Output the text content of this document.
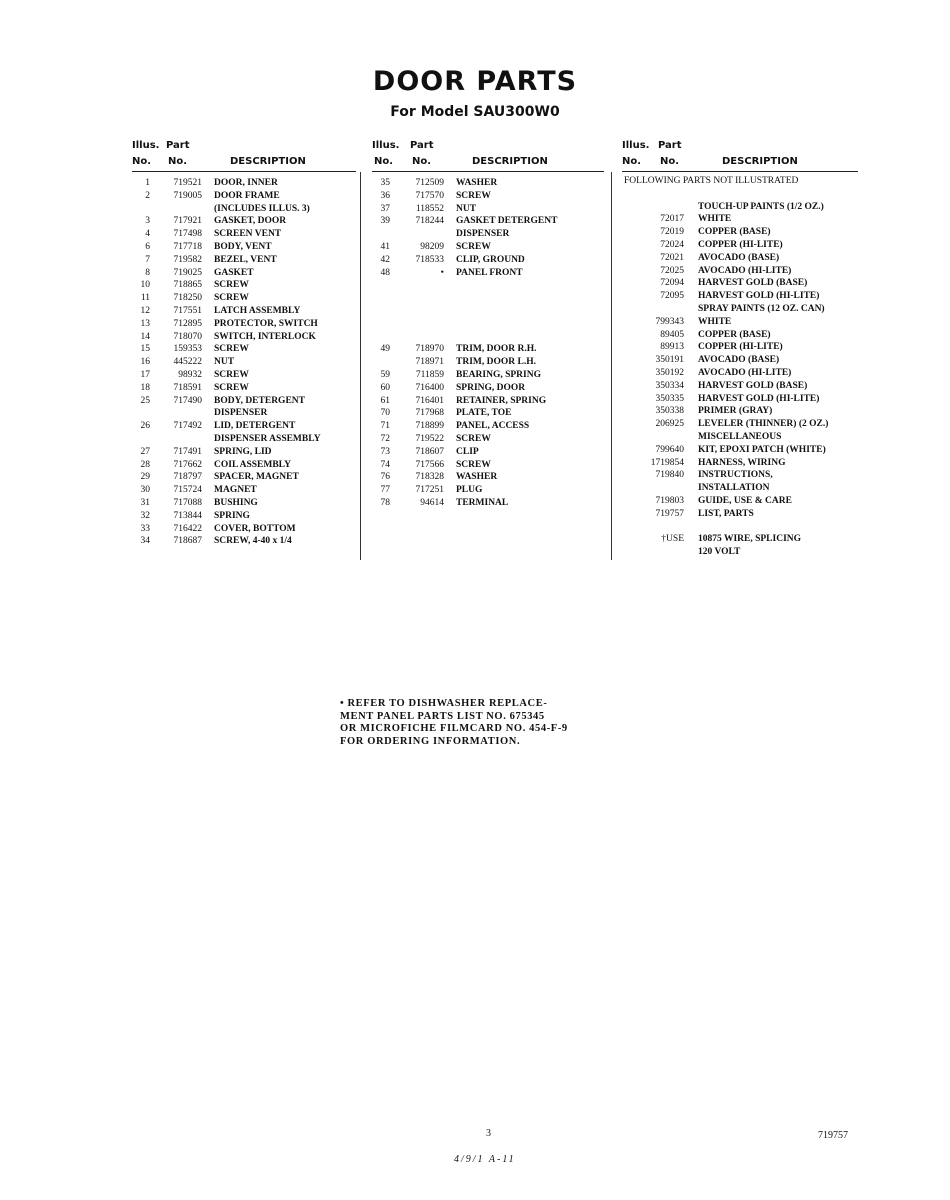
DOOR PARTS
For Model SAU300W0
Illus. Part
No. No.	DESCRIPTION
1	719521 DOOR, INNER
2	719005 DOOR FRAME
(INCLUDES ILLUS. 3)
3	717921 GASKET, DOOR
4	717498 SCREEN VENT
6	717718 BODY, VENT
7	719582 BEZEL, VENT
8	719025 GASKET
10	718865 SCREW
11	718250 SCREW
12	717551 LATCH ASSEMBLY
13	712895 PROTECTOR, SWITCH
14	718070 SWITCH, INTERLOCK
15	159353 SCREW
16	445222 NUT
17	98932 SCREW
18	718591 SCREW
25	717490 BODY, DETERGENT
DISPENSER
26	717492 LID, DETERGENT
DISPENSER ASSEMBLY
27	717491 SPRING, LID
28	717662 COIL ASSEMBLY
29	718797 SPACER, MAGNET
30	715724 MAGNET
31	717088 BUSHING
32	713844 SPRING
33	716422 COVER, BOTTOM
34	718687 SCREW, 4-40 x 1/4
Illus. Part
No. No.	DESCRIPTION
35	712509 WASHER
36	717570 SCREW
37	118552 NUT
39	718244 GASKET DETERGENT
DISPENSER
41	98209 SCREW
42	718533 CLIP, GROUND
48	• PANEL FRONT
49	718970 TRIM, DOOR R.H.
718971 TRIM, DOOR L.H.
59	711859 BEARING, SPRING
60	716400 SPRING, DOOR
61	716401 RETAINER, SPRING
70	717968 PLATE, TOE
71	718899 PANEL, ACCESS
72	719522 SCREW
73	718607 CLIP
74	717566 SCREW
76	718328 WASHER
77	717251 PLUG
78	94614 TERMINAL
Illus. Part
No. No.	DESCRIPTION
FOLLOWING PARTS NOT ILLUSTRATED
TOUCH-UP PAINTS (1/2 OZ.)
72017 WHITE
72019 COPPER (BASE)
72024 COPPER (HI-LITE)
72021 AVOCADO (BASE)
72025 AVOCADO (HI-LITE)
72094 HARVEST GOLD (BASE)
72095 HARVEST GOLD (HI-LITE)
SPRAY PAINTS (12 OZ. CAN)
799343 WHITE
89405 COPPER (BASE)
89913 COPPER (HI-LITE)
350191 AVOCADO (BASE)
350192 AVOCADO (HI-LITE)
350334 HARVEST GOLD (BASE)
350335 HARVEST GOLD (HI-LITE)
350338 PRIMER (GRAY)
206925 LEVELER (THINNER) (2 OZ.)
MISCELLANEOUS
799640 KIT, EPOXI PATCH (WHITE)
1719854 HARNESS, WIRING
719840 INSTRUCTIONS,
INSTALLATION
719803 GUIDE, USE & CARE
719757 LIST, PARTS
†USE 10875 WIRE, SPLICING
120 VOLT
• REFER TO DISHWASHER REPLACE-
MENT PANEL PARTS LIST NO. 675345
OR MICROFICHE FILMCARD NO. 454-F-9
FOR ORDERING INFORMATION.
3	719757
4/9/1 A-11
